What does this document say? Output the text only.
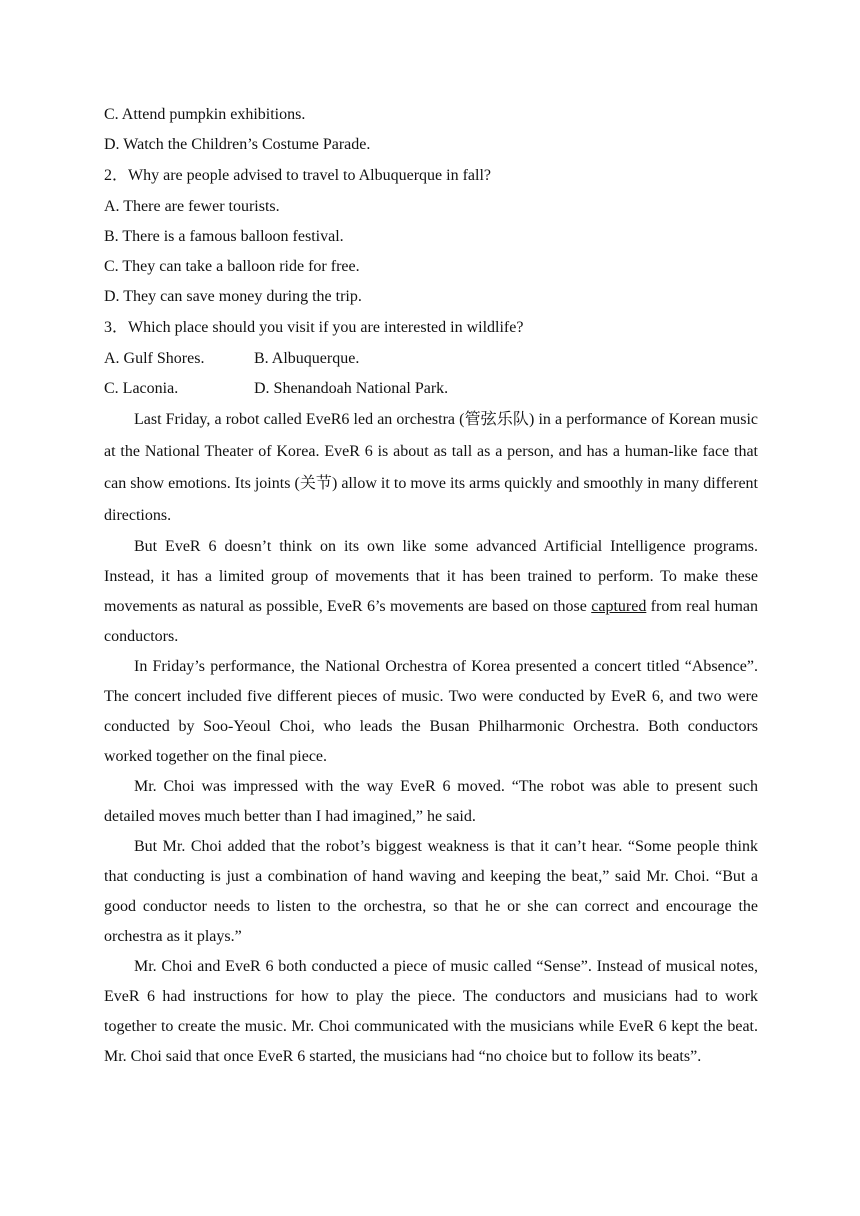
C. Attend pumpkin exhibitions.
D. Watch the Children’s Costume Parade.
2．Why are people advised to travel to Albuquerque in fall?
A. There are fewer tourists.
B. There is a famous balloon festival.
C. They can take a balloon ride for free.
D. They can save money during the trip.
3．Which place should you visit if you are interested in wildlife?
A. Gulf Shores.	B. Albuquerque.
C. Laconia.	D. Shenandoah National Park.

Last Friday, a robot called EveR6 led an orchestra (管弦乐队) in a performance of Korean music at the National Theater of Korea. EveR 6 is about as tall as a person, and has a human-like face that can show emotions. Its joints (关节) allow it to move its arms quickly and smoothly in many different directions.

But EveR 6 doesn’t think on its own like some advanced Artificial Intelligence programs. Instead, it has a limited group of movements that it has been trained to perform. To make these movements as natural as possible, EveR 6’s movements are based on those captured from real human conductors.

In Friday’s performance, the National Orchestra of Korea presented a concert titled “Absence”. The concert included five different pieces of music. Two were conducted by EveR 6, and two were conducted by Soo-Yeoul Choi, who leads the Busan Philharmonic Orchestra. Both conductors worked together on the final piece.

Mr. Choi was impressed with the way EveR 6 moved. “The robot was able to present such detailed moves much better than I had imagined,” he said.

But Mr. Choi added that the robot’s biggest weakness is that it can’t hear. “Some people think that conducting is just a combination of hand waving and keeping the beat,” said Mr. Choi. “But a good conductor needs to listen to the orchestra, so that he or she can correct and encourage the orchestra as it plays.”

Mr. Choi and EveR 6 both conducted a piece of music called “Sense”. Instead of musical notes, EveR 6 had instructions for how to play the piece. The conductors and musicians had to work together to create the music. Mr. Choi communicated with the musicians while EveR 6 kept the beat. Mr. Choi said that once EveR 6 started, the musicians had “no choice but to follow its beats”.
